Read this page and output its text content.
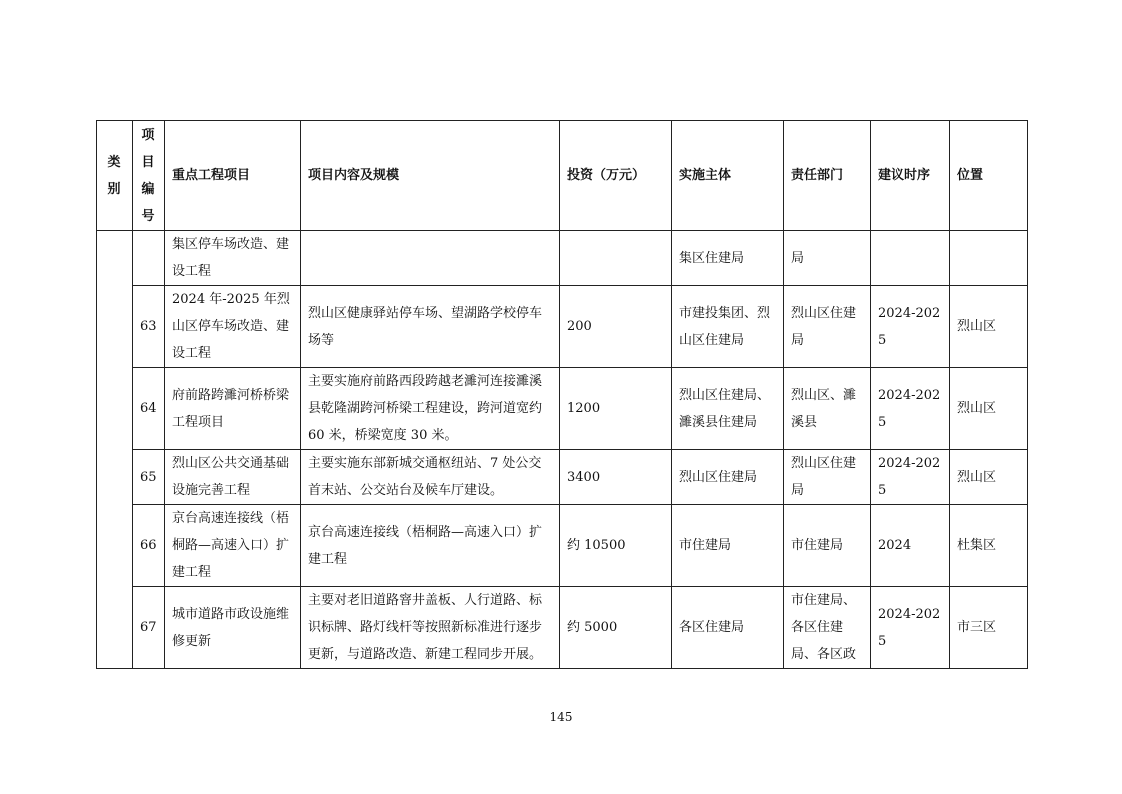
类别	项目编号	重点工程项目	项目内容及规模	投资（万元）	实施主体	责任部门	建议时序	位置
		集区停车场改造、建设工程			集区住建局	局		
	63	2024 年-2025 年烈山区停车场改造、建设工程	烈山区健康驿站停车场、望湖路学校停车场等	200	市建投集团、烈山区住建局	烈山区住建局	2024-2025	烈山区
	64	府前路跨濉河桥桥梁工程项目	主要实施府前路西段跨越老濉河连接濉溪县乾隆湖跨河桥梁工程建设，跨河道宽约 60 米，桥梁宽度 30 米。	1200	烈山区住建局、濉溪县住建局	烈山区、濉溪县	2024-2025	烈山区
	65	烈山区公共交通基础设施完善工程	主要实施东部新城交通枢纽站、7 处公交首末站、公交站台及候车厅建设。	3400	烈山区住建局	烈山区住建局	2024-2025	烈山区
	66	京台高速连接线（梧桐路—高速入口）扩建工程	京台高速连接线（梧桐路—高速入口）扩建工程	约 10500	市住建局	市住建局	2024	杜集区
	67	城市道路市政设施维修更新	主要对老旧道路窨井盖板、人行道路、标识标牌、路灯线杆等按照新标准进行逐步更新，与道路改造、新建工程同步开展。	约 5000	各区住建局	市住建局、各区住建局、各区政	2024-2025	市三区
145
